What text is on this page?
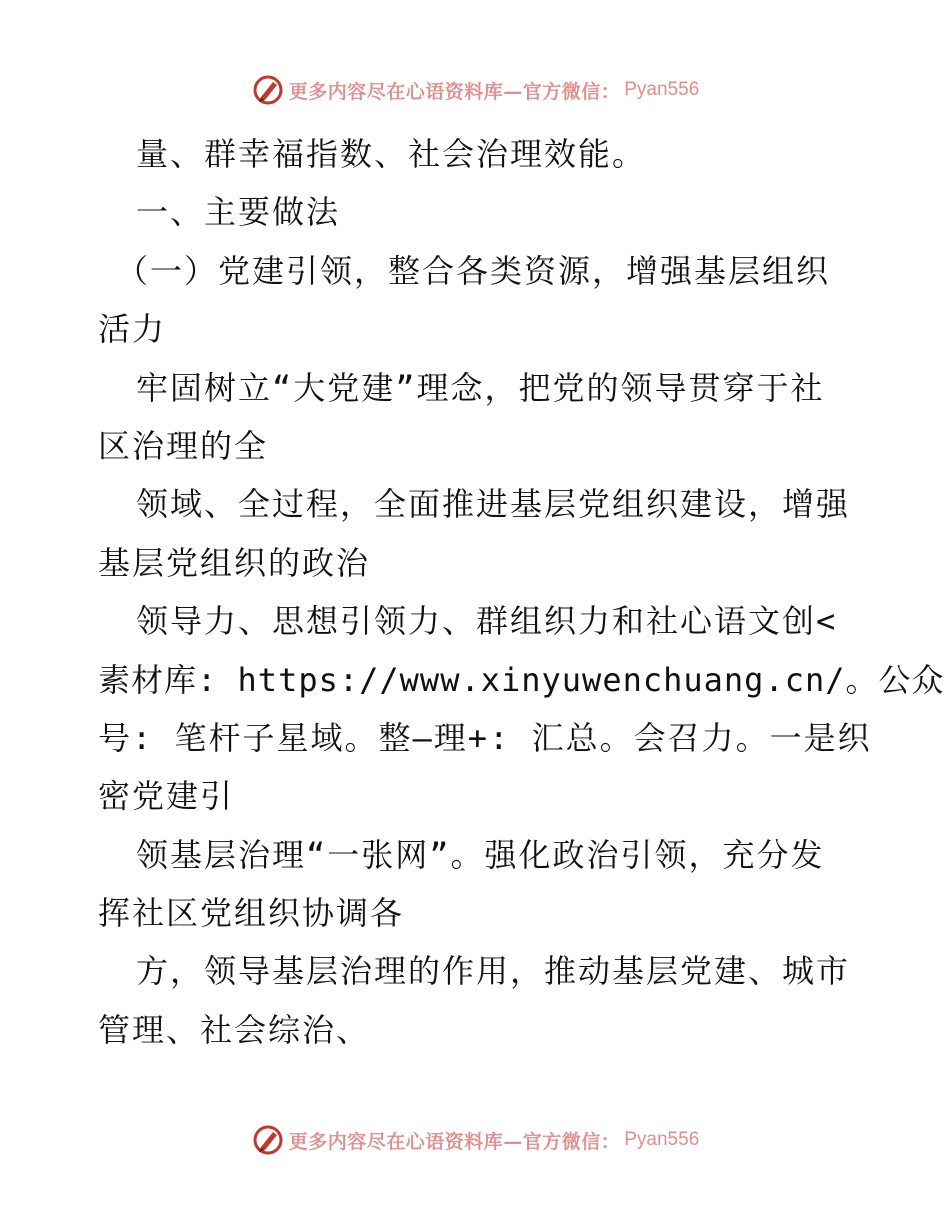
更多内容尽在心语资料库—官方微信： Pyan556
量、群幸福指数、社会治理效能。
一、主要做法
（一）党建引领，整合各类资源，增强基层组织
活力
牢固树立“大党建”理念，把党的领导贯穿于社
区治理的全
领域、全过程，全面推进基层党组织建设，增强
基层党组织的政治
领导力、思想引领力、群组织力和社心语文创<
素材库: https://www.xinyuwenchuang.cn/。公众
号: 笔杆子星域。整—理+: 汇总。会召力。一是织
密党建引
领基层治理“一张网”。强化政治引领，充分发
挥社区党组织协调各
方，领导基层治理的作用，推动基层党建、城市
管理、社会综治、
更多内容尽在心语资料库—官方微信： Pyan556
